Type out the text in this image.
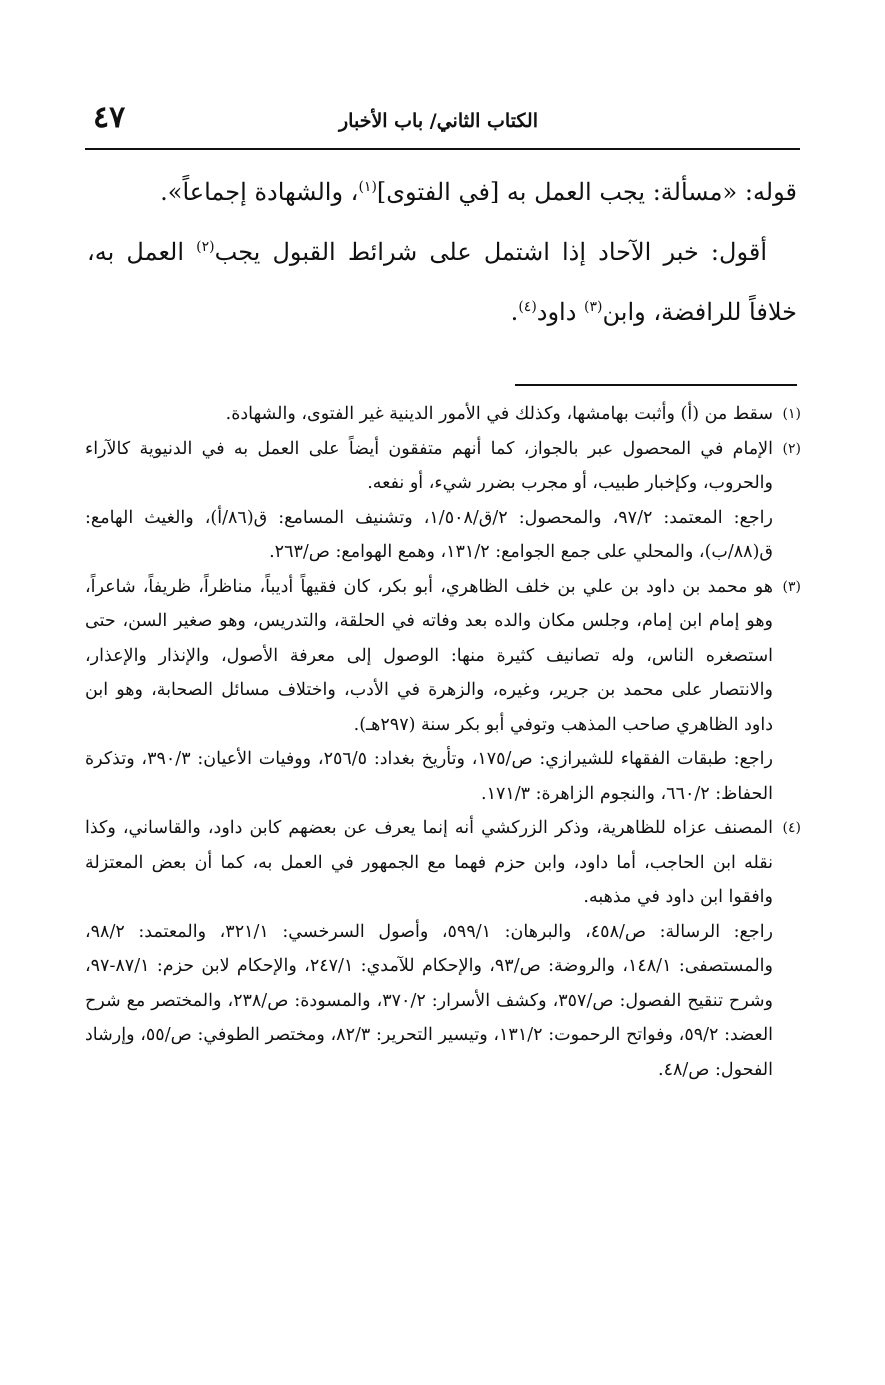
٤٧	الكتاب الثاني/ باب الأخبار

قوله: «مسألة: يجب العمل به [في الفتوى]$^{(١)}$، والشهادة إجماعاً».

أقول: خبر الآحاد إذا اشتمل على شرائط القبول يجب$^{(٢)}$ العمل به، خلافاً للرافضة، وابن$^{(٣)}$ داود$^{(٤)}$.

(١)
سقط من (أ) وأثبت بهامشها، وكذلك في الأمور الدينية غير الفتوى، والشهادة.
(٢)
الإمام في المحصول عبر بالجواز، كما أنهم متفقون أيضاً على العمل به في الدنيوية كالآراء والحروب، وكإخبار طبيب، أو مجرب بضرر شيء، أو نفعه.
راجع: المعتمد: ٩٧/٢، والمحصول: ٢/ق/١/٥٠٨، وتشنيف المسامع: ق(٨٦/أ)، والغيث الهامع: ق(٨٨/ب)، والمحلي على جمع الجوامع: ١٣١/٢، وهمع الهوامع: ص/٢٦٣.
(٣)
هو محمد بن داود بن علي بن خلف الظاهري، أبو بكر، كان فقيهاً أديباً، مناظراً، ظريفاً، شاعراً، وهو إمام ابن إمام، وجلس مكان والده بعد وفاته في الحلقة، والتدريس، وهو صغير السن، حتى استصغره الناس، وله تصانيف كثيرة منها: الوصول إلى معرفة الأصول، والإنذار والإعذار، والانتصار على محمد بن جرير، وغيره، والزهرة في الأدب، واختلاف مسائل الصحابة، وهو ابن داود الظاهري صاحب المذهب وتوفي أبو بكر سنة (٢٩٧هـ).
راجع: طبقات الفقهاء للشيرازي: ص/١٧٥، وتأريخ بغداد: ٢٥٦/٥، ووفيات الأعيان: ٣٩٠/٣، وتذكرة الحفاظ: ٦٦٠/٢، والنجوم الزاهرة: ١٧١/٣.
(٤)
المصنف عزاه للظاهرية، وذكر الزركشي أنه إنما يعرف عن بعضهم كابن داود، والقاساني، وكذا نقله ابن الحاجب، أما داود، وابن حزم فهما مع الجمهور في العمل به، كما أن بعض المعتزلة وافقوا ابن داود في مذهبه.
راجع: الرسالة: ص/٤٥٨، والبرهان: ٥٩٩/١، وأصول السرخسي: ٣٢١/١، والمعتمد: ٩٨/٢، والمستصفى: ١٤٨/١، والروضة: ص/٩٣، والإحكام للآمدي: ٢٤٧/١، والإحكام لابن حزم: ٨٧/١-٩٧، وشرح تنقيح الفصول: ص/٣٥٧، وكشف الأسرار: ٣٧٠/٢، والمسودة: ص/٢٣٨، والمختصر مع شرح العضد: ٥٩/٢، وفواتح الرحموت: ١٣١/٢، وتيسير التحرير: ٨٢/٣، ومختصر الطوفي: ص/٥٥، وإرشاد الفحول: ص/٤٨.
